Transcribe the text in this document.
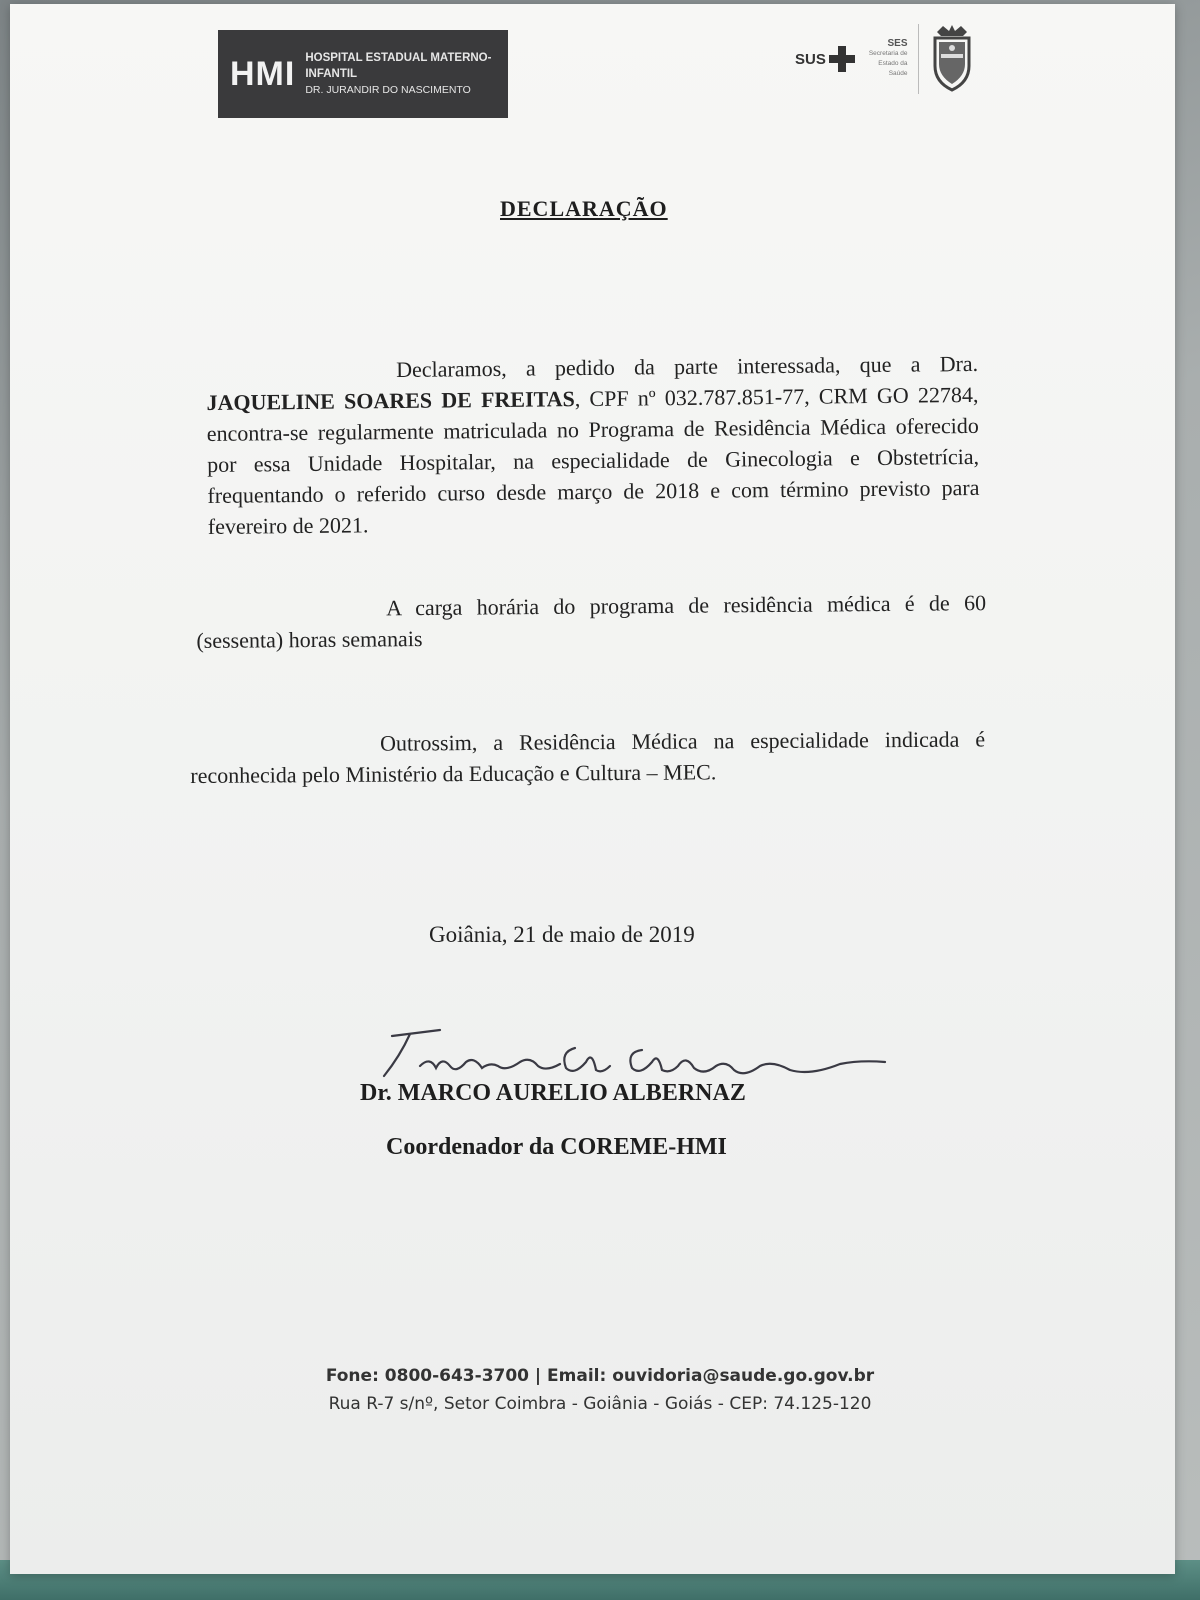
HMI HOSPITAL ESTADUAL MATERNO-INFANTIL
DR. JURANDIR DO NASCIMENTO
SUS
SES
Secretaria de
Estado da
Saúde
DECLARAÇÃO

Declaramos, a pedido da parte interessada, que a Dra. JAQUELINE SOARES DE FREITAS, CPF nº 032.787.851-77, CRM GO 22784, encontra-se regularmente matriculada no Programa de Residência Médica oferecido por essa Unidade Hospitalar, na especialidade de Ginecologia e Obstetrícia, frequentando o referido curso desde março de 2018 e com término previsto para fevereiro de 2021.

A carga horária do programa de residência médica é de 60 (sessenta) horas semanais

Outrossim, a Residência Médica na especialidade indicada é reconhecida pelo Ministério da Educação e Cultura – MEC.

Goiânia, 21 de maio de 2019
Dr. MARCO AURELIO ALBERNAZ
Coordenador da COREME-HMI
Fone: 0800-643-3700 | Email: ouvidoria@saude.go.gov.br
Rua R-7 s/nº, Setor Coimbra - Goiânia - Goiás - CEP: 74.125-120
